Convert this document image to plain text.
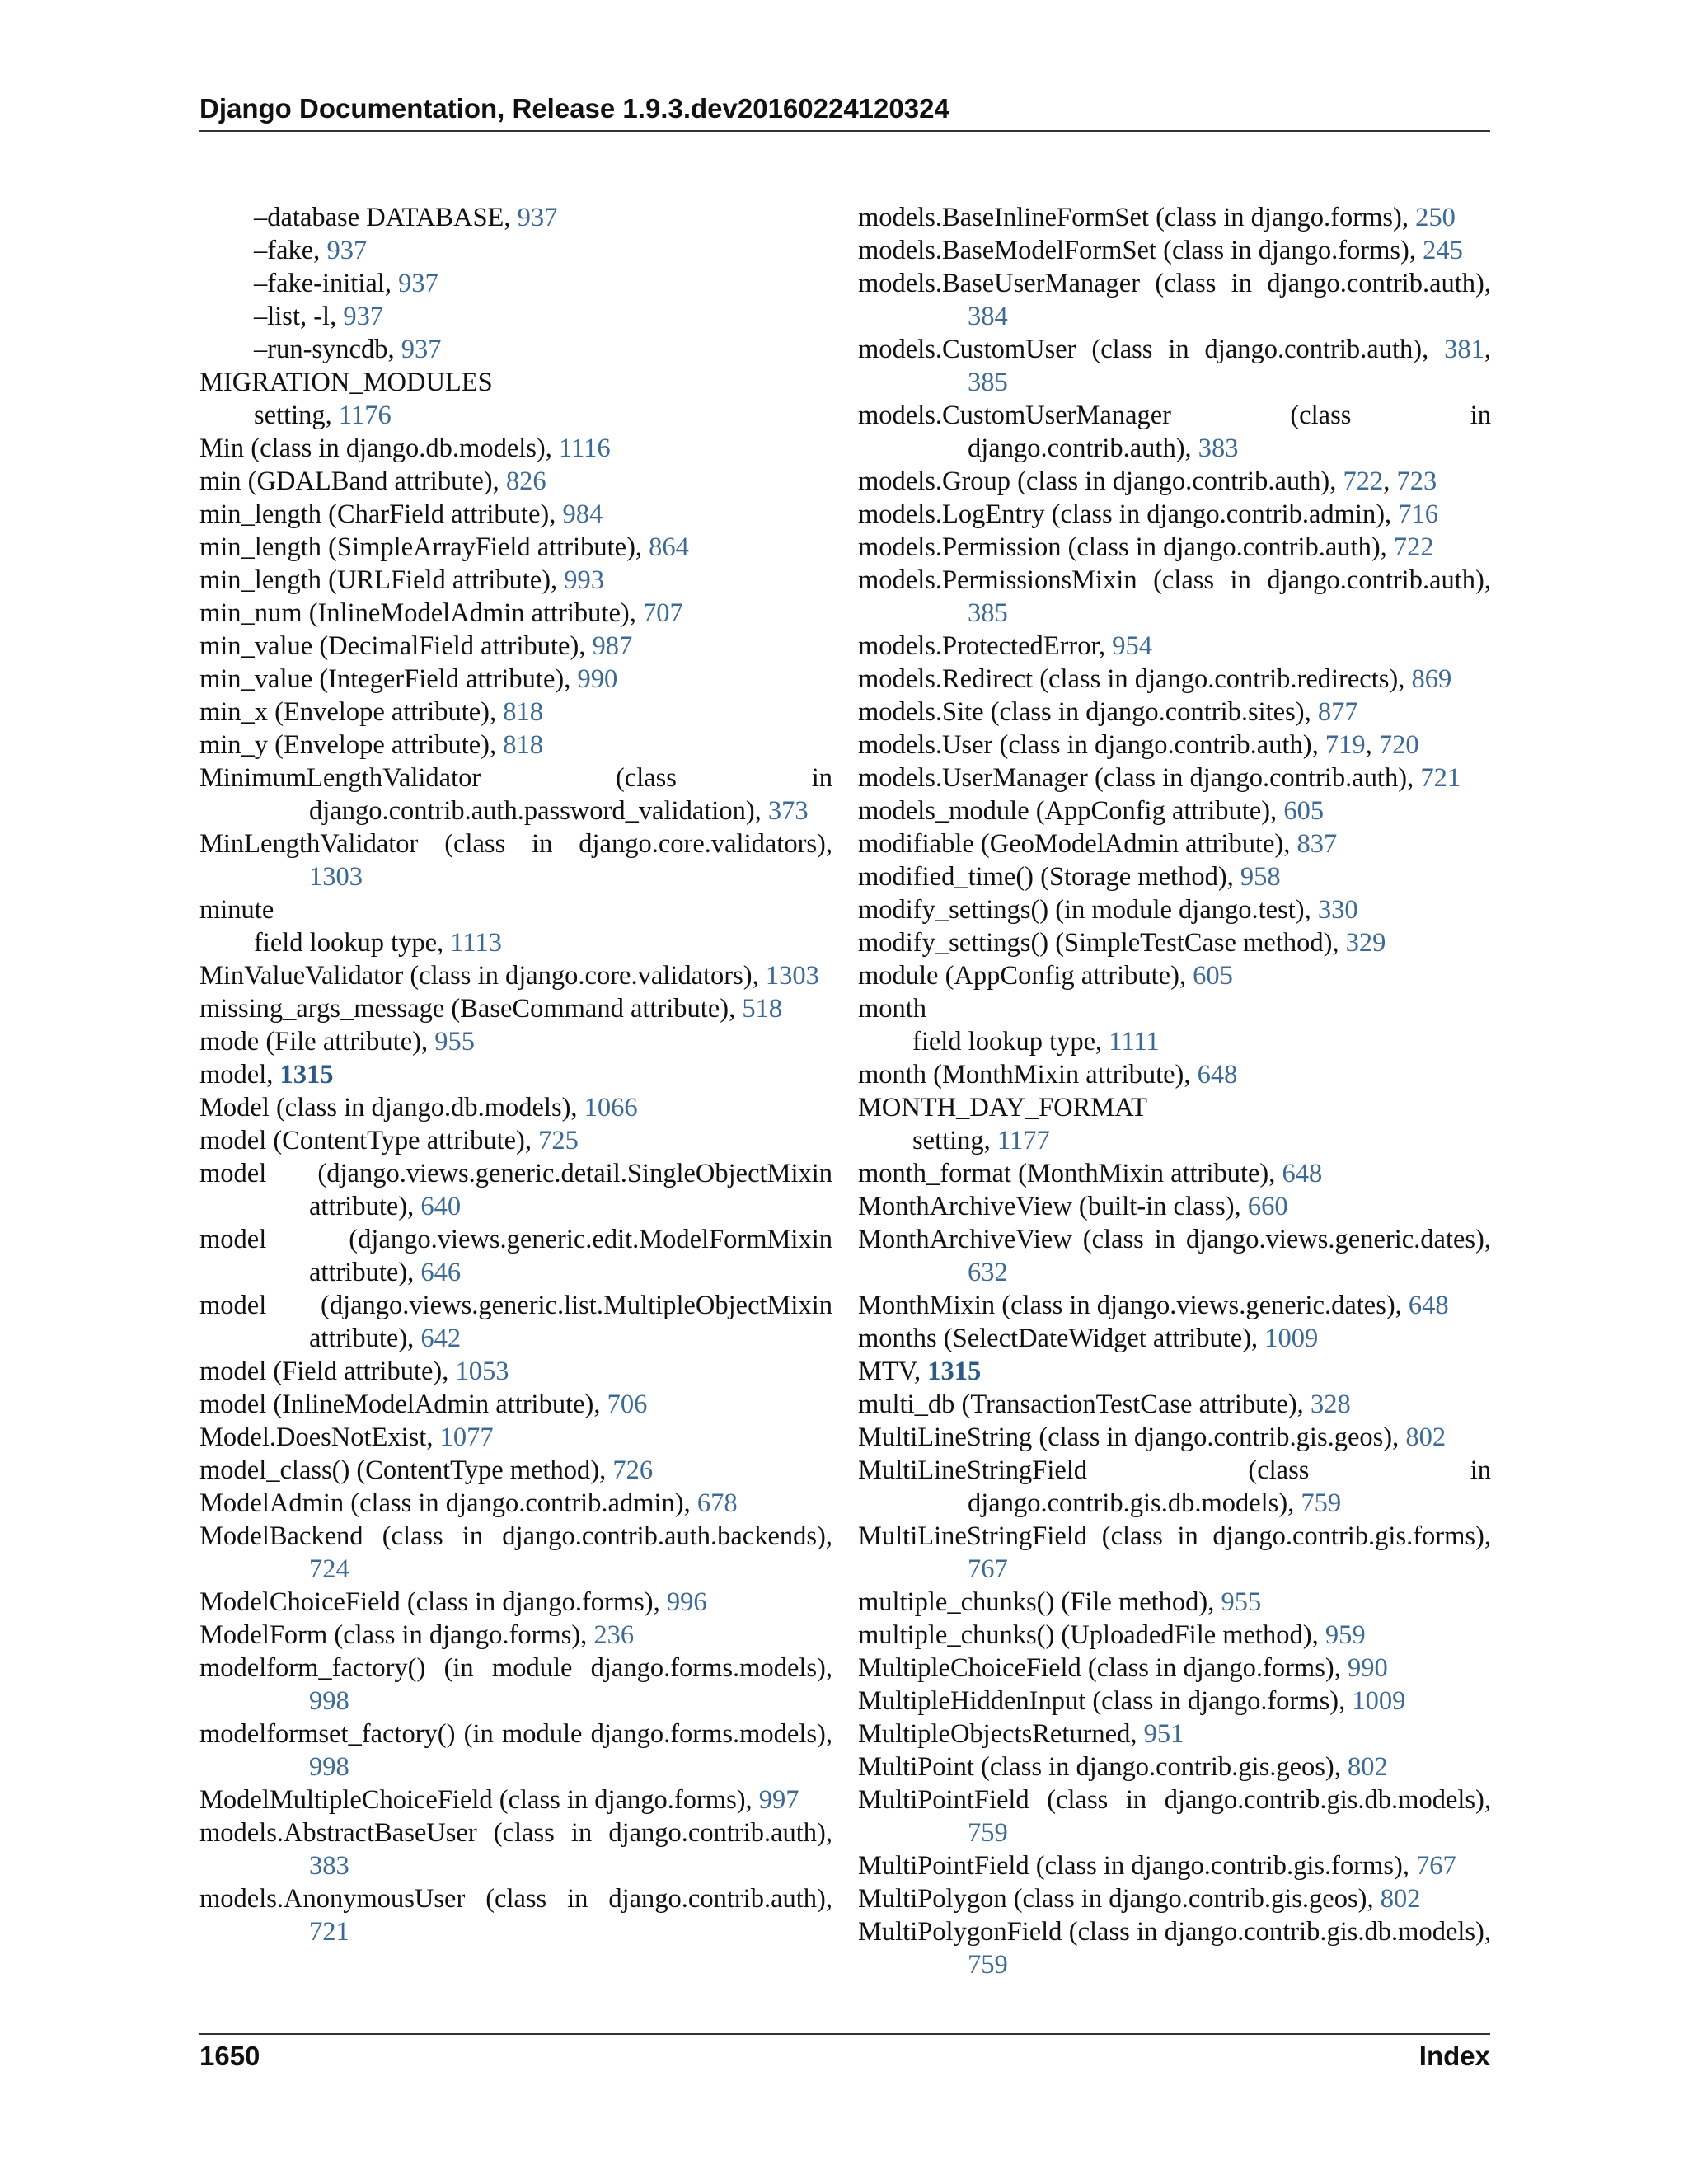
Django Documentation, Release 1.9.3.dev20160224120324
–database DATABASE, 937
–fake, 937
–fake-initial, 937
–list, -l, 937
–run-syncdb, 937
MIGRATION_MODULES
setting, 1176
Min (class in django.db.models), 1116
min (GDALBand attribute), 826
min_length (CharField attribute), 984
min_length (SimpleArrayField attribute), 864
min_length (URLField attribute), 993
min_num (InlineModelAdmin attribute), 707
min_value (DecimalField attribute), 987
min_value (IntegerField attribute), 990
min_x (Envelope attribute), 818
min_y (Envelope attribute), 818
MinimumLengthValidator (class in django.contrib.auth.password_validation), 373
MinLengthValidator (class in django.core.validators), 1303
minute
field lookup type, 1113
MinValueValidator (class in django.core.validators), 1303
missing_args_message (BaseCommand attribute), 518
mode (File attribute), 955
model, 1315
Model (class in django.db.models), 1066
model (ContentType attribute), 725
model (django.views.generic.detail.SingleObjectMixin attribute), 640
model (django.views.generic.edit.ModelFormMixin attribute), 646
model (django.views.generic.list.MultipleObjectMixin attribute), 642
model (Field attribute), 1053
model (InlineModelAdmin attribute), 706
Model.DoesNotExist, 1077
model_class() (ContentType method), 726
ModelAdmin (class in django.contrib.admin), 678
ModelBackend (class in django.contrib.auth.backends), 724
ModelChoiceField (class in django.forms), 996
ModelForm (class in django.forms), 236
modelform_factory() (in module django.forms.models), 998
modelformset_factory() (in module django.forms.models), 998
ModelMultipleChoiceField (class in django.forms), 997
models.AbstractBaseUser (class in django.contrib.auth), 383
models.AnonymousUser (class in django.contrib.auth), 721
models.BaseInlineFormSet (class in django.forms), 250
models.BaseModelFormSet (class in django.forms), 245
models.BaseUserManager (class in django.contrib.auth), 384
models.CustomUser (class in django.contrib.auth), 381, 385
models.CustomUserManager (class in django.contrib.auth), 383
models.Group (class in django.contrib.auth), 722, 723
models.LogEntry (class in django.contrib.admin), 716
models.Permission (class in django.contrib.auth), 722
models.PermissionsMixin (class in django.contrib.auth), 385
models.ProtectedError, 954
models.Redirect (class in django.contrib.redirects), 869
models.Site (class in django.contrib.sites), 877
models.User (class in django.contrib.auth), 719, 720
models.UserManager (class in django.contrib.auth), 721
models_module (AppConfig attribute), 605
modifiable (GeoModelAdmin attribute), 837
modified_time() (Storage method), 958
modify_settings() (in module django.test), 330
modify_settings() (SimpleTestCase method), 329
module (AppConfig attribute), 605
month
field lookup type, 1111
month (MonthMixin attribute), 648
MONTH_DAY_FORMAT
setting, 1177
month_format (MonthMixin attribute), 648
MonthArchiveView (built-in class), 660
MonthArchiveView (class in django.views.generic.dates), 632
MonthMixin (class in django.views.generic.dates), 648
months (SelectDateWidget attribute), 1009
MTV, 1315
multi_db (TransactionTestCase attribute), 328
MultiLineString (class in django.contrib.gis.geos), 802
MultiLineStringField (class in django.contrib.gis.db.models), 759
MultiLineStringField (class in django.contrib.gis.forms), 767
multiple_chunks() (File method), 955
multiple_chunks() (UploadedFile method), 959
MultipleChoiceField (class in django.forms), 990
MultipleHiddenInput (class in django.forms), 1009
MultipleObjectsReturned, 951
MultiPoint (class in django.contrib.gis.geos), 802
MultiPointField (class in django.contrib.gis.db.models), 759
MultiPointField (class in django.contrib.gis.forms), 767
MultiPolygon (class in django.contrib.gis.geos), 802
MultiPolygonField (class in django.contrib.gis.db.models), 759
1650	Index
